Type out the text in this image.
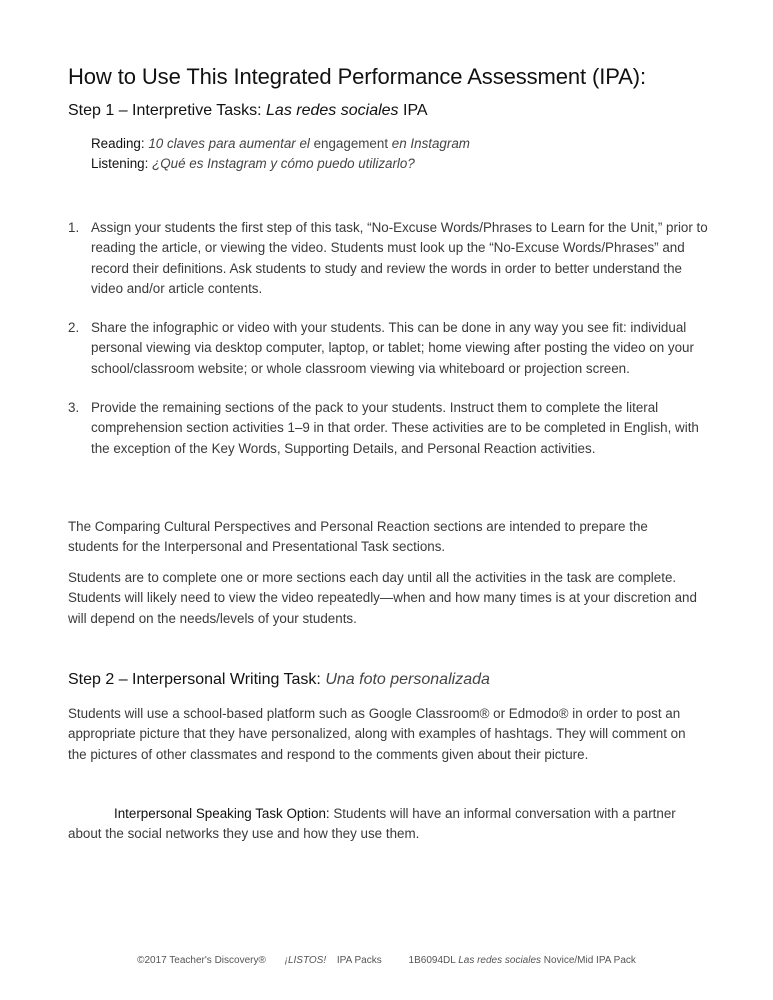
How to Use This Integrated Performance Assessment (IPA):
Step 1 – Interpretive Tasks: Las redes sociales IPA
Reading: 10 claves para aumentar el engagement en Instagram
Listening: ¿Qué es Instagram y cómo puedo utilizarlo?
1. Assign your students the first step of this task, “No-Excuse Words/Phrases to Learn for the Unit,” prior to reading the article, or viewing the video. Students must look up the “No-Excuse Words/Phrases” and record their definitions. Ask students to study and review the words in order to better understand the video and/or article contents.
2. Share the infographic or video with your students. This can be done in any way you see fit: individual personal viewing via desktop computer, laptop, or tablet; home viewing after posting the video on your school/classroom website; or whole classroom viewing via whiteboard or projection screen.
3. Provide the remaining sections of the pack to your students. Instruct them to complete the literal comprehension section activities 1–9 in that order. These activities are to be completed in English, with the exception of the Key Words, Supporting Details, and Personal Reaction activities.

The Comparing Cultural Perspectives and Personal Reaction sections are intended to prepare the students for the Interpersonal and Presentational Task sections.

Students are to complete one or more sections each day until all the activities in the task are complete. Students will likely need to view the video repeatedly—when and how many times is at your discretion and will depend on the needs/levels of your students.

Step 2 – Interpersonal Writing Task: Una foto personalizada

Students will use a school-based platform such as Google Classroom® or Edmodo® in order to post an appropriate picture that they have personalized, along with examples of hashtags. They will comment on the pictures of other classmates and respond to the comments given about their picture.

Interpersonal Speaking Task Option: Students will have an informal conversation with a partner about the social networks they use and how they use them.

©2017 Teacher's Discovery® ¡LISTOS! IPA Packs	1B6094DL Las redes sociales Novice/Mid IPA Pack
